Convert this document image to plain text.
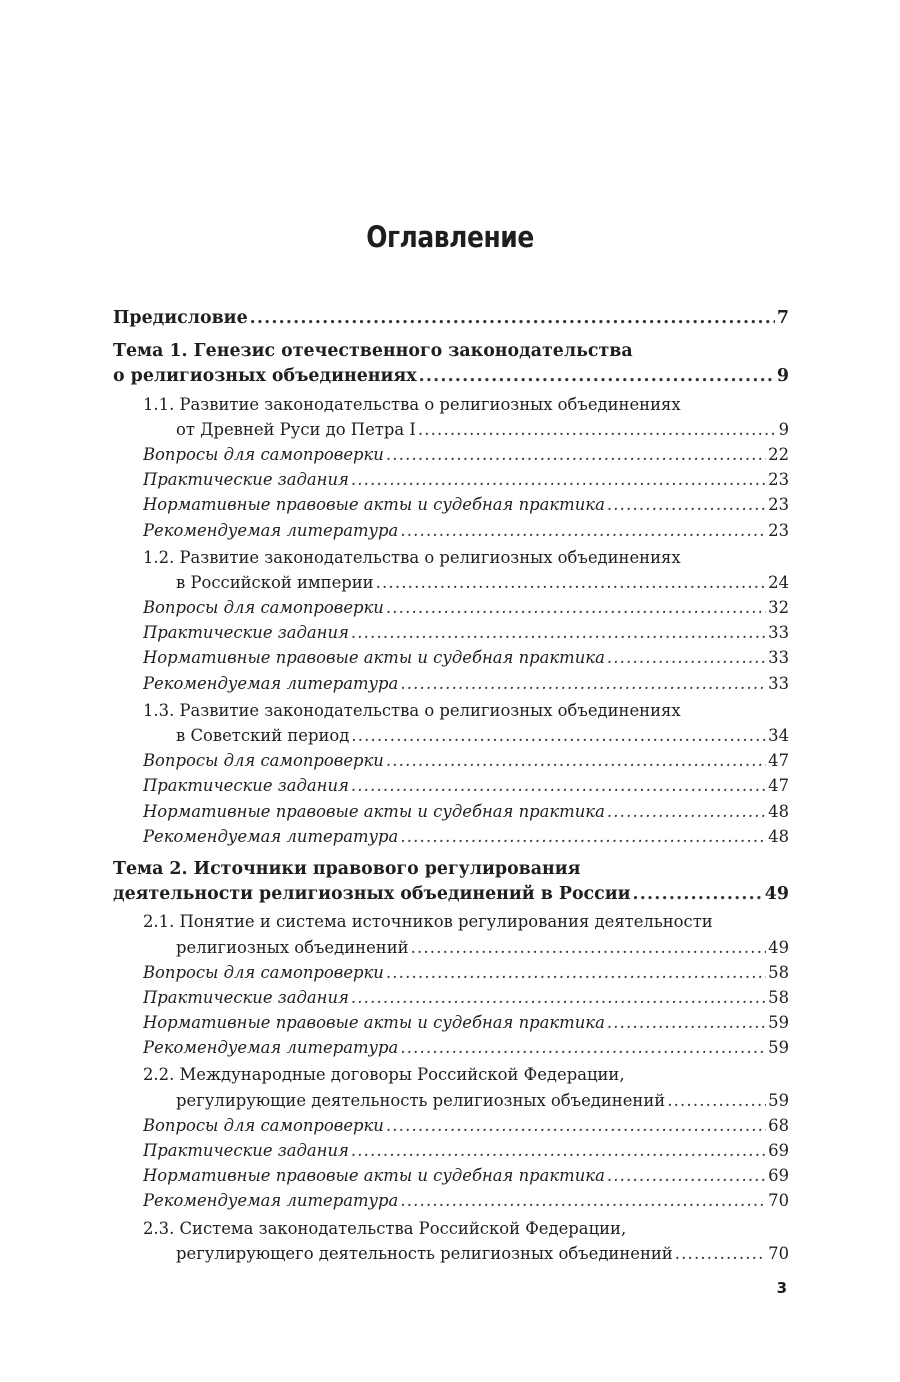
Оглавление
Предисловие .....	7
Тема 1. Генезис отечественного законодательства
о религиозных объединениях .....	9
1.1. Развитие законодательства о религиозных объединениях
от Древней Руси до Петра I .....	9
Вопросы для самопроверки .....	22
Практические задания .....	23
Нормативные правовые акты и судебная практика .....	23
Рекомендуемая литература .....	23
1.2. Развитие законодательства о религиозных объединениях
в Российской империи .....	24
Вопросы для самопроверки .....	32
Практические задания .....	33
Нормативные правовые акты и судебная практика .....	33
Рекомендуемая литература .....	33
1.3. Развитие законодательства о религиозных объединениях
в Советский период .....	34
Вопросы для самопроверки .....	47
Практические задания .....	47
Нормативные правовые акты и судебная практика .....	48
Рекомендуемая литература .....	48
Тема 2. Источники правового регулирования
деятельности религиозных объединений в России .....	49
2.1. Понятие и система источников регулирования деятельности
религиозных объединений .....	49
Вопросы для самопроверки .....	58
Практические задания .....	58
Нормативные правовые акты и судебная практика .....	59
Рекомендуемая литература .....	59
2.2. Международные договоры Российской Федерации,
регулирующие деятельность религиозных объединений .....	59
Вопросы для самопроверки .....	68
Практические задания .....	69
Нормативные правовые акты и судебная практика .....	69
Рекомендуемая литература .....	70
2.3. Система законодательства Российской Федерации,
регулирующего деятельность религиозных объединений .....	70
3
